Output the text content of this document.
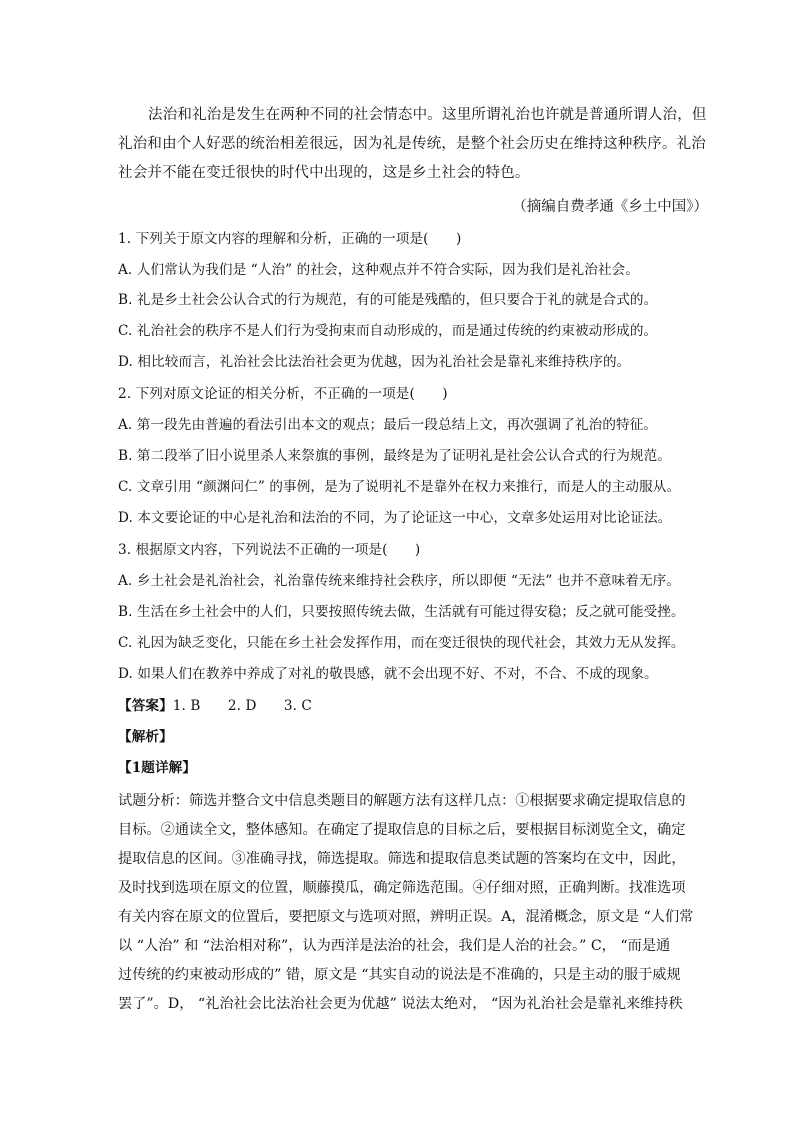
法治和礼治是发生在两种不同的社会情态中。这里所谓礼治也许就是普通所谓人治，但
礼治和由个人好恶的统治相差很远，因为礼是传统，是整个社会历史在维持这种秩序。礼治
社会并不能在变迁很快的时代中出现的，这是乡土社会的特色。
（摘编自费孝通《乡土中国》）
1. 下列关于原文内容的理解和分析，正确的一项是(　　)
A. 人们常认为我们是 “人治” 的社会，这种观点并不符合实际，因为我们是礼治社会。
B. 礼是乡土社会公认合式的行为规范，有的可能是残酷的，但只要合于礼的就是合式的。
C. 礼治社会的秩序不是人们行为受拘束而自动形成的，而是通过传统的约束被动形成的。
D. 相比较而言，礼治社会比法治社会更为优越，因为礼治社会是靠礼来维持秩序的。
2. 下列对原文论证的相关分析，不正确的一项是(　　)
A. 第一段先由普遍的看法引出本文的观点；最后一段总结上文，再次强调了礼治的特征。
B. 第二段举了旧小说里杀人来祭旗的事例，最终是为了证明礼是社会公认合式的行为规范。
C. 文章引用 “颜渊问仁” 的事例，是为了说明礼不是靠外在权力来推行，而是人的主动服从。
D. 本文要论证的中心是礼治和法治的不同，为了论证这一中心，文章多处运用对比论证法。
3. 根据原文内容，下列说法不正确的一项是(　　)
A. 乡土社会是礼治社会，礼治靠传统来维持社会秩序，所以即便 “无法” 也并不意味着无序。
B. 生活在乡土社会中的人们，只要按照传统去做，生活就有可能过得安稳；反之就可能受挫。
C. 礼因为缺乏变化，只能在乡土社会发挥作用，而在变迁很快的现代社会，其效力无从发挥。
D. 如果人们在教养中养成了对礼的敬畏感，就不会出现不好、不对，不合、不成的现象。
【答案】1. B　　2. D　　3. C
【解析】
【1题详解】
试题分析：筛选并整合文中信息类题目的解题方法有这样几点：①根据要求确定提取信息的
目标。②通读全文，整体感知。在确定了提取信息的目标之后，要根据目标浏览全文，确定
提取信息的区间。③准确寻找，筛选提取。筛选和提取信息类试题的答案均在文中，因此，
及时找到选项在原文的位置，顺藤摸瓜，确定筛选范围。④仔细对照，正确判断。找准选项
有关内容在原文的位置后，要把原文与选项对照，辨明正误。A，混淆概念，原文是 “人们常
以 “人治” 和 “法治相对称”，认为西洋是法治的社会，我们是人治的社会。” C， “而是通
过传统的约束被动形成的” 错，原文是 “其实自动的说法是不准确的，只是主动的服于威规
罢了”。D， “礼治社会比法治社会更为优越” 说法太绝对， “因为礼治社会是靠礼来维持秩
